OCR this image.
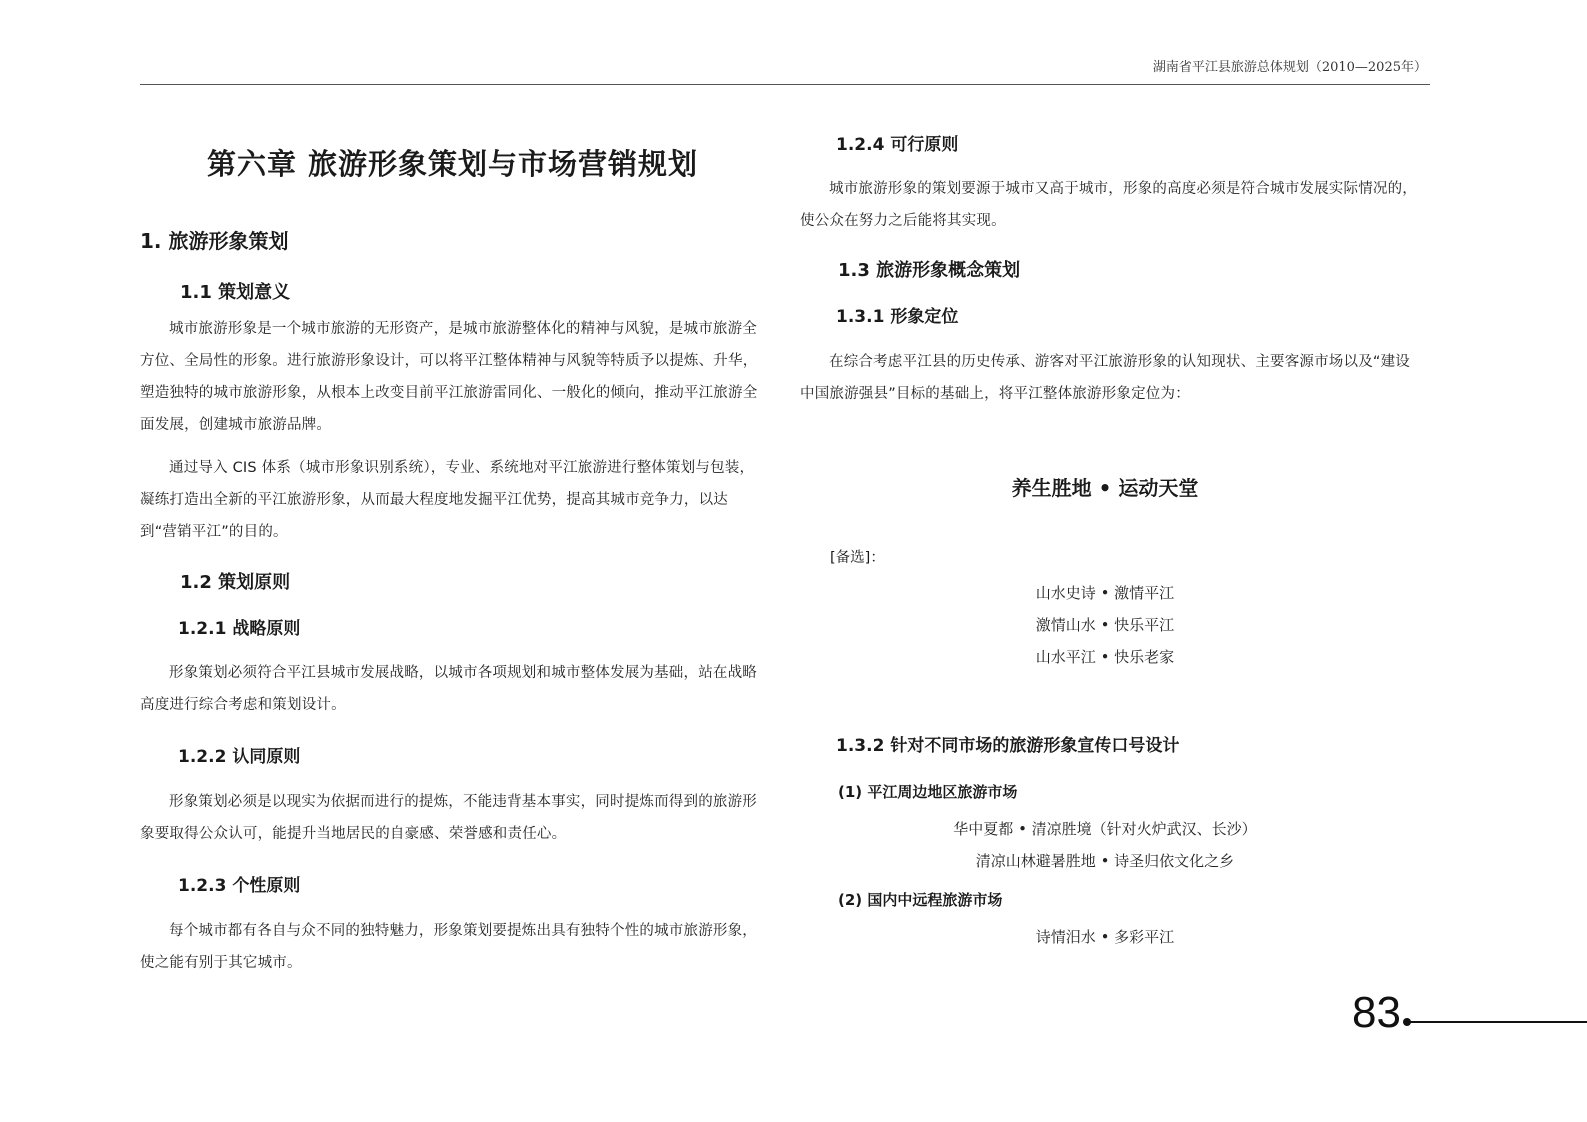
湖南省平江县旅游总体规划（2010—2025年）
第六章 旅游形象策划与市场营销规划
1. 旅游形象策划
1.1 策划意义

城市旅游形象是一个城市旅游的无形资产，是城市旅游整体化的精神与风貌，是城市旅游全方位、全局性的形象。进行旅游形象设计，可以将平江整体精神与风貌等特质予以提炼、升华，塑造独特的城市旅游形象，从根本上改变目前平江旅游雷同化、一般化的倾向，推动平江旅游全面发展，创建城市旅游品牌。

通过导入 CIS 体系（城市形象识别系统），专业、系统地对平江旅游进行整体策划与包装，凝练打造出全新的平江旅游形象，从而最大程度地发掘平江优势，提高其城市竞争力，以达到“营销平江”的目的。

1.2 策划原则
1.2.1 战略原则

形象策划必须符合平江县城市发展战略，以城市各项规划和城市整体发展为基础，站在战略高度进行综合考虑和策划设计。

1.2.2 认同原则

形象策划必须是以现实为依据而进行的提炼，不能违背基本事实，同时提炼而得到的旅游形象要取得公众认可，能提升当地居民的自豪感、荣誉感和责任心。

1.2.3 个性原则

每个城市都有各自与众不同的独特魅力，形象策划要提炼出具有独特个性的城市旅游形象，使之能有别于其它城市。

1.2.4 可行原则

城市旅游形象的策划要源于城市又高于城市，形象的高度必须是符合城市发展实际情况的，使公众在努力之后能将其实现。

1.3 旅游形象概念策划
1.3.1 形象定位

在综合考虑平江县的历史传承、游客对平江旅游形象的认知现状、主要客源市场以及“建设中国旅游强县”目标的基础上，将平江整体旅游形象定位为：

养生胜地 • 运动天堂
[备选]：
山水史诗 • 激情平江
激情山水 • 快乐平江
山水平江 • 快乐老家
1.3.2 针对不同市场的旅游形象宣传口号设计
(1) 平江周边地区旅游市场
华中夏都 • 清凉胜境（针对火炉武汉、长沙）
清凉山林避暑胜地 • 诗圣归依文化之乡
(2) 国内中远程旅游市场
诗情汨水 • 多彩平江
83
